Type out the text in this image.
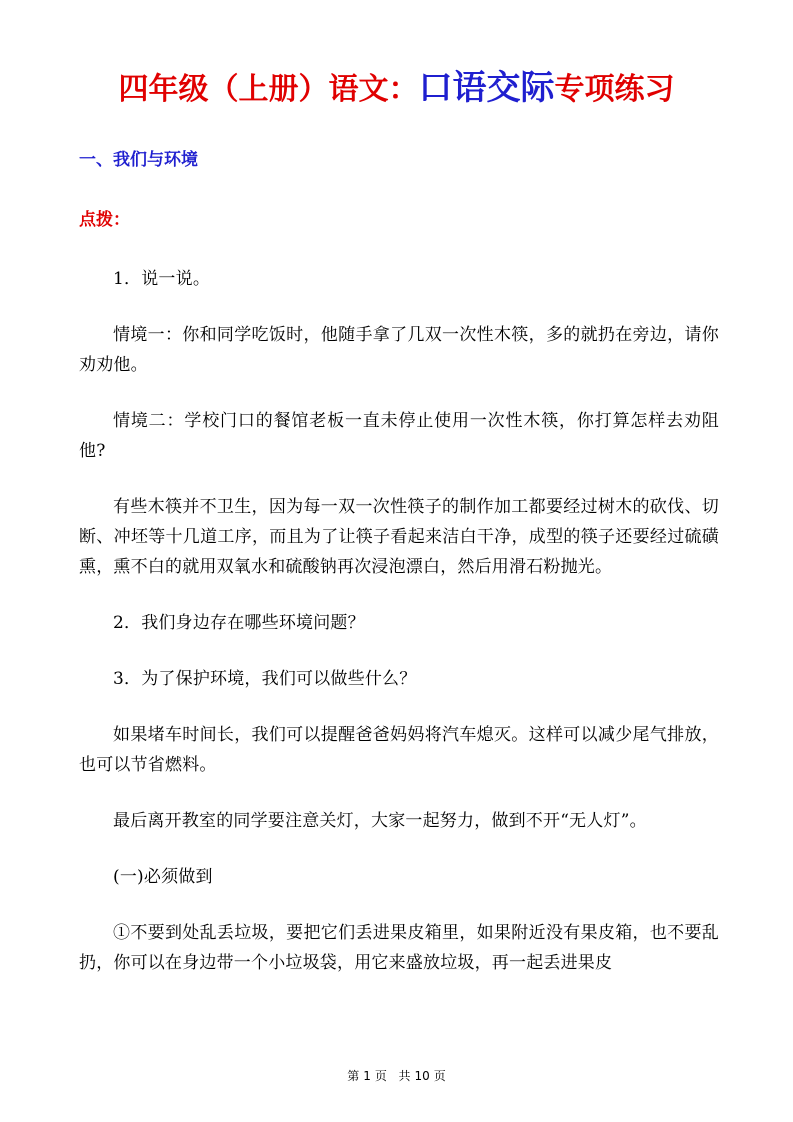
四年级（上册）语文：口语交际专项练习
一、我们与环境
点拨：

1．说一说。

情境一：你和同学吃饭时，他随手拿了几双一次性木筷，多的就扔在旁边，请你劝劝他。

情境二：学校门口的餐馆老板一直未停止使用一次性木筷，你打算怎样去劝阻他?

有些木筷并不卫生，因为每一双一次性筷子的制作加工都要经过树木的砍伐、切断、冲坯等十几道工序，而且为了让筷子看起来洁白干净，成型的筷子还要经过硫磺熏，熏不白的就用双氧水和硫酸钠再次浸泡漂白，然后用滑石粉抛光。

2．我们身边存在哪些环境问题？

3．为了保护环境，我们可以做些什么？

如果堵车时间长，我们可以提醒爸爸妈妈将汽车熄灭。这样可以减少尾气排放，也可以节省燃料。

最后离开教室的同学要注意关灯，大家一起努力，做到不开“无人灯”。

(一)必须做到

①不要到处乱丢垃圾，要把它们丢进果皮箱里，如果附近没有果皮箱，也不要乱扔，你可以在身边带一个小垃圾袋，用它来盛放垃圾，再一起丢进果皮

第 1 页 共 10 页
